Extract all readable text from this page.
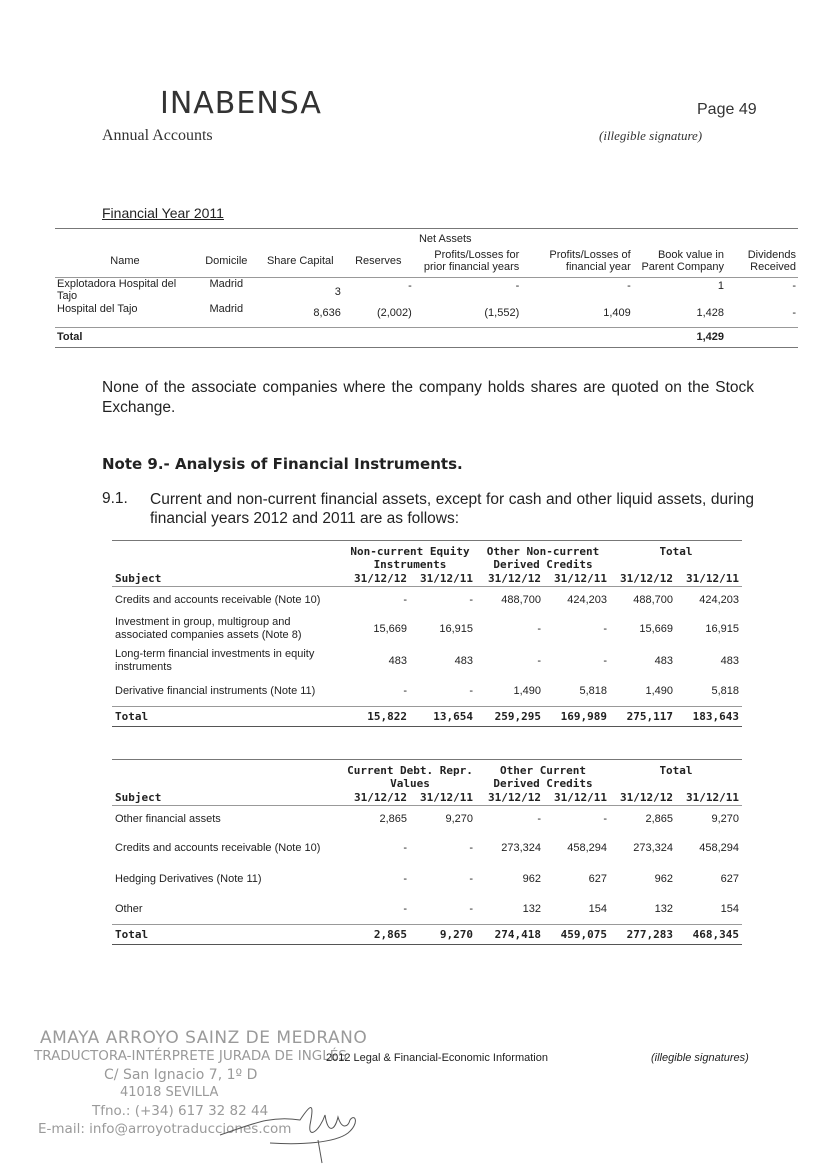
INABENSA
Annual Accounts
Page 49
(illegible signature)
Financial Year 2011
		Net Assets					
Name	Domicile	Share Capital	Reserves	Profits/Losses for prior financial years	Profits/Losses of financial year	Book value in Parent Company	Dividends Received
Explotadora Hospital del Tajo	Madrid	3	-	-	-	1	-
Hospital del Tajo	Madrid	8,636	(2,002)	(1,552)	1,409	1,428	-
Total						1,429	
None of the associate companies where the company holds shares are quoted on the Stock Exchange.
Note 9.- Analysis of Financial Instruments.
9.1. Current and non-current financial assets, except for cash and other liquid assets, during financial years 2012 and 2011 are as follows:
	Non-current Equity Instruments		Other Non-current Derived Credits		Total	
Subject	31/12/12	31/12/11	31/12/12	31/12/11	31/12/12	31/12/11
Credits and accounts receivable (Note 10)	-	-	488,700	424,203	488,700	424,203
Investment in group, multigroup and associated companies assets (Note 8)	15,669	16,915	-	-	15,669	16,915
Long-term financial investments in equity instruments	483	483	-	-	483	483
Derivative financial instruments (Note 11)	-	-	1,490	5,818	1,490	5,818
Total	15,822	13,654	259,295	169,989	275,117	183,643
	Current Debt. Repr. Values		Other Current Derived Credits		Total	
Subject	31/12/12	31/12/11	31/12/12	31/12/11	31/12/12	31/12/11
Other financial assets	2,865	9,270	-	-	2,865	9,270
Credits and accounts receivable (Note 10)	-	-	273,324	458,294	273,324	458,294
Hedging Derivatives (Note 11)	-	-	962	627	962	627
Other	-	-	132	154	132	154
Total	2,865	9,270	274,418	459,075	277,283	468,345
AMAYA ARROYO SAINZ DE MEDRANO
TRADUCTORA-INTÉRPRETE JURADA DE INGLÉS
C/ San Ignacio 7, 1º D
41018 SEVILLA
Tfno.: (+34) 617 32 82 44
E-mail: info@arroyotraducciones.com
2012 Legal & Financial-Economic Information	(illegible signatures)
